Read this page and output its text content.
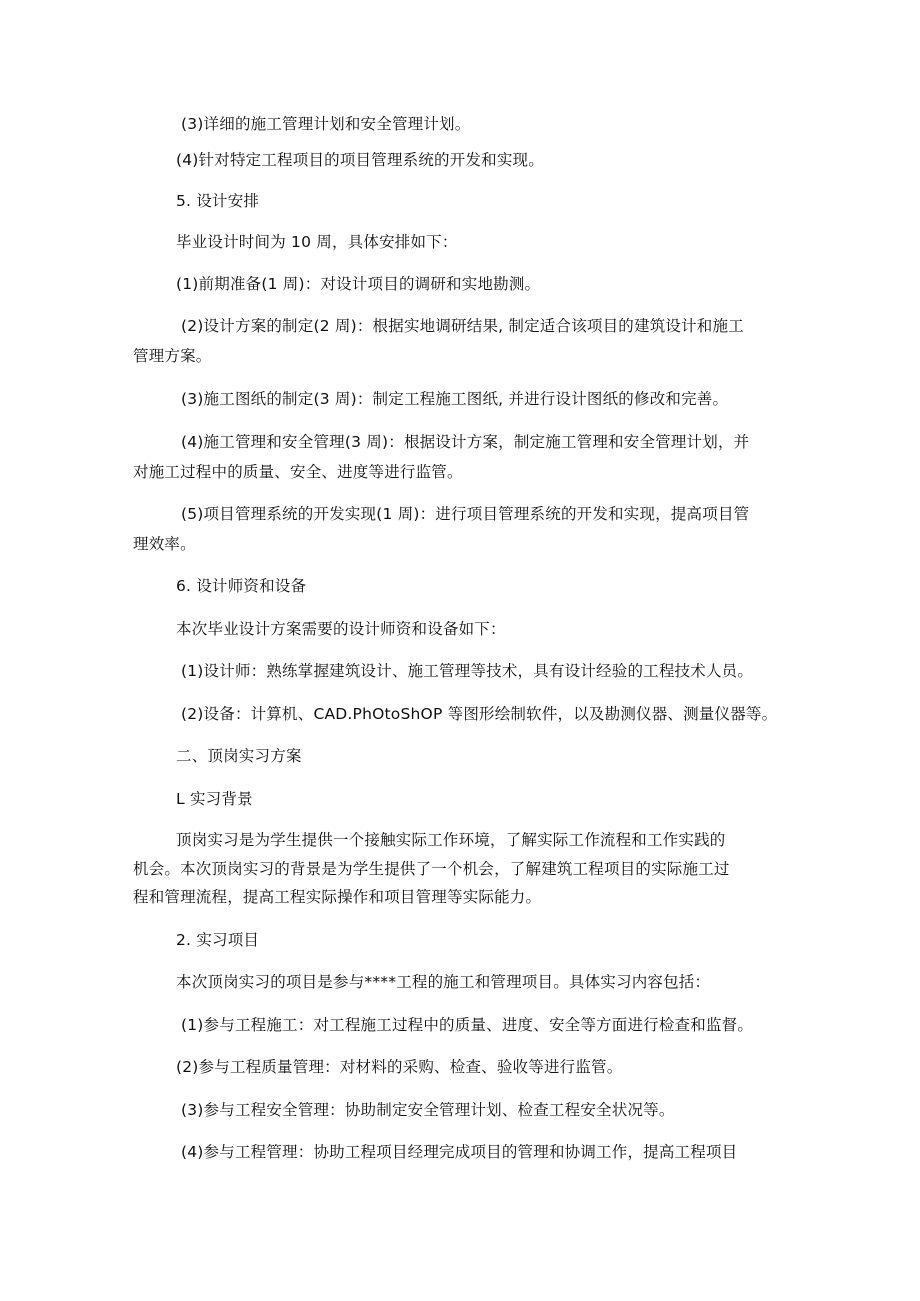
(3)详细的施工管理计划和安全管理计划。
(4)针对特定工程项目的项目管理系统的开发和实现。
5. 设计安排
毕业设计时间为 10 周，具体安排如下：
(1)前期准备(1 周)：对设计项目的调研和实地勘测。
(2)设计方案的制定(2 周)：根据实地调研结果, 制定适合该项目的建筑设计和施工
管理方案。
(3)施工图纸的制定(3 周)：制定工程施工图纸, 并进行设计图纸的修改和完善。
(4)施工管理和安全管理(3 周)：根据设计方案，制定施工管理和安全管理计划，并
对施工过程中的质量、安全、进度等进行监管。
(5)项目管理系统的开发实现(1 周)：进行项目管理系统的开发和实现，提高项目管
理效率。
6. 设计师资和设备
本次毕业设计方案需要的设计师资和设备如下：
(1)设计师：熟练掌握建筑设计、施工管理等技术，具有设计经验的工程技术人员。
(2)设备：计算机、CAD.PhOtoShOP 等图形绘制软件，以及勘测仪器、测量仪器等。
二、顶岗实习方案
L 实习背景
顶岗实习是为学生提供一个接触实际工作环境，了解实际工作流程和工作实践的
机会。本次顶岗实习的背景是为学生提供了一个机会，了解建筑工程项目的实际施工过
程和管理流程，提高工程实际操作和项目管理等实际能力。
2. 实习项目
本次顶岗实习的项目是参与****工程的施工和管理项目。具体实习内容包括：
(1)参与工程施工：对工程施工过程中的质量、进度、安全等方面进行检查和监督。
(2)参与工程质量管理：对材料的采购、检查、验收等进行监管。
(3)参与工程安全管理：协助制定安全管理计划、检查工程安全状况等。
(4)参与工程管理：协助工程项目经理完成项目的管理和协调工作，提高工程项目
